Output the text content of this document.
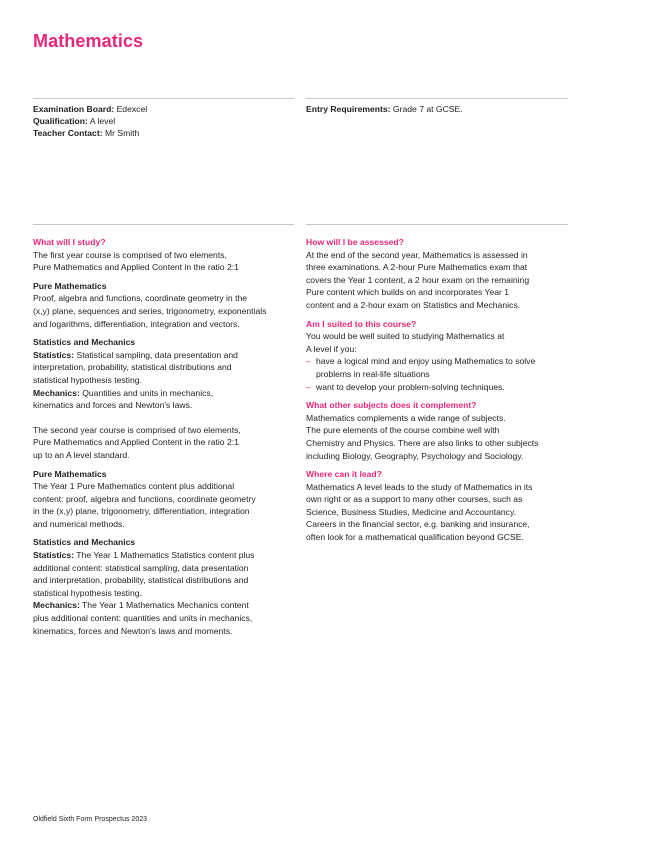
Mathematics
Examination Board: Edexcel
Qualification: A level
Teacher Contact: Mr Smith
Entry Requirements: Grade 7 at GCSE.

What will I study?

The first year course is comprised of two elements,
Pure Mathematics and Applied Content in the ratio 2:1

Pure Mathematics

Proof, algebra and functions, coordinate geometry in the
(x,y) plane, sequences and series, trigonometry, exponentials
and logarithms, differentiation, integration and vectors.

Statistics and Mechanics

Statistics: Statistical sampling, data presentation and
interpretation, probability, statistical distributions and
statistical hypothesis testing.

Mechanics: Quantities and units in mechanics,
kinematics and forces and Newton's laws.

The second year course is comprised of two elements,
Pure Mathematics and Applied Content in the ratio 2:1
up to an A level standard.

Pure Mathematics

The Year 1 Pure Mathematics content plus additional
content: proof, algebra and functions, coordinate geometry
in the (x,y) plane, trigonometry, differentiation, integration
and numerical methods.

Statistics and Mechanics

Statistics: The Year 1 Mathematics Statistics content plus
additional content: statistical sampling, data presentation
and interpretation, probability, statistical distributions and
statistical hypothesis testing.

Mechanics: The Year 1 Mathematics Mechanics content
plus additional content: quantities and units in mechanics,
kinematics, forces and Newton's laws and moments.

How will I be assessed?

At the end of the second year, Mathematics is assessed in
three examinations. A 2-hour Pure Mathematics exam that
covers the Year 1 content, a 2 hour exam on the remaining
Pure content which builds on and incorporates Year 1
content and a 2-hour exam on Statistics and Mechanics.

Am I suited to this course?

You would be well suited to studying Mathematics at
A level if you:

– have a logical mind and enjoy using Mathematics to solve
problems in real-life situations
– want to develop your problem-solving techniques.

What other subjects does it complement?

Mathematics complements a wide range of subjects.
The pure elements of the course combine well with
Chemistry and Physics. There are also links to other subjects
including Biology, Geography, Psychology and Sociology.

Where can it lead?

Mathematics A level leads to the study of Mathematics in its
own right or as a support to many other courses, such as
Science, Business Studies, Medicine and Accountancy.
Careers in the financial sector, e.g. banking and insurance,
often look for a mathematical qualification beyond GCSE.

Oldfield Sixth Form Prospectus 2023
